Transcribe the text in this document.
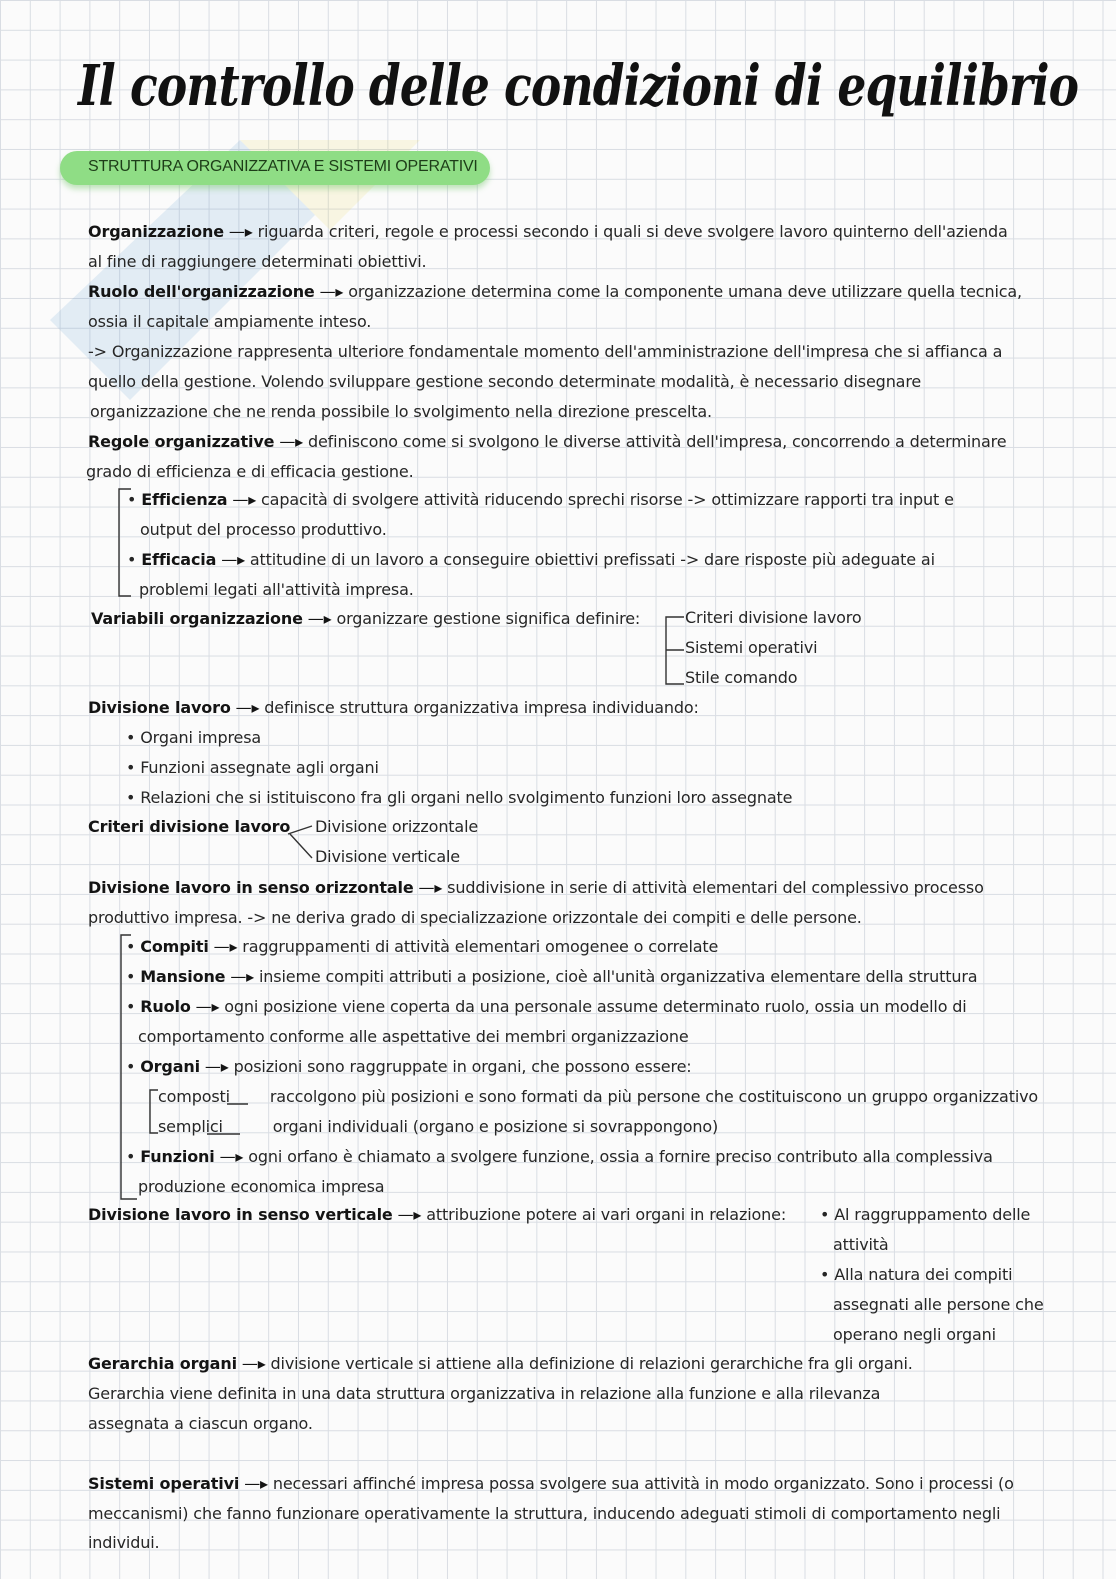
Il controllo delle condizioni di equilibrio
STRUTTURA ORGANIZZATIVA E SISTEMI OPERATIVI
Organizzazione —▸ riguarda criteri, regole e processi secondo i quali si deve svolgere lavoro quinterno dell'azienda
al fine di raggiungere determinati obiettivi.
Ruolo dell'organizzazione —▸ organizzazione determina come la componente umana deve utilizzare quella tecnica,
ossia il capitale ampiamente inteso.
-> Organizzazione rappresenta ulteriore fondamentale momento dell'amministrazione dell'impresa che si affianca a
quello della gestione. Volendo sviluppare gestione secondo determinate modalità, è necessario disegnare
organizzazione che ne renda possibile lo svolgimento nella direzione prescelta.
Regole organizzative —▸ definiscono come si svolgono le diverse attività dell'impresa, concorrendo a determinare
grado di efficienza e di efficacia gestione.
• Efficienza —▸ capacità di svolgere attività riducendo sprechi risorse -> ottimizzare rapporti tra input e
output del processo produttivo.
• Efficacia —▸ attitudine di un lavoro a conseguire obiettivi prefissati -> dare risposte più adeguate ai
problemi legati all'attività impresa.
Variabili organizzazione —▸ organizzare gestione significa definire:	Criteri divisione lavoro
Sistemi operativi
Stile comando
Divisione lavoro —▸ definisce struttura organizzativa impresa individuando:
• Organi impresa
• Funzioni assegnate agli organi
• Relazioni che si istituiscono fra gli organi nello svolgimento funzioni loro assegnate
Criteri divisione lavoro Divisione orizzontale
Divisione verticale
Divisione lavoro in senso orizzontale —▸ suddivisione in serie di attività elementari del complessivo processo
produttivo impresa. -> ne deriva grado di specializzazione orizzontale dei compiti e delle persone.
• Compiti —▸ raggruppamenti di attività elementari omogenee o correlate
• Mansione —▸ insieme compiti attributi a posizione, cioè all'unità organizzativa elementare della struttura
• Ruolo —▸ ogni posizione viene coperta da una personale assume determinato ruolo, ossia un modello di
comportamento conforme alle aspettative dei membri organizzazione
• Organi —▸ posizioni sono raggruppate in organi, che possono essere:
composti raccolgono più posizioni e sono formati da più persone che costituiscono un gruppo organizzativo
semplici	organi individuali (organo e posizione si sovrappongono)
• Funzioni —▸ ogni orfano è chiamato a svolgere funzione, ossia a fornire preciso contributo alla complessiva
produzione economica impresa
Divisione lavoro in senso verticale —▸ attribuzione potere ai vari organi in relazione: • Al raggruppamento delle
attività
• Alla natura dei compiti
assegnati alle persone che
operano negli organi
Gerarchia organi —▸ divisione verticale si attiene alla definizione di relazioni gerarchiche fra gli organi.
Gerarchia viene definita in una data struttura organizzativa in relazione alla funzione e alla rilevanza
assegnata a ciascun organo.
Sistemi operativi —▸ necessari affinché impresa possa svolgere sua attività in modo organizzato. Sono i processi (o
meccanismi) che fanno funzionare operativamente la struttura, inducendo adeguati stimoli di comportamento negli
individui.
